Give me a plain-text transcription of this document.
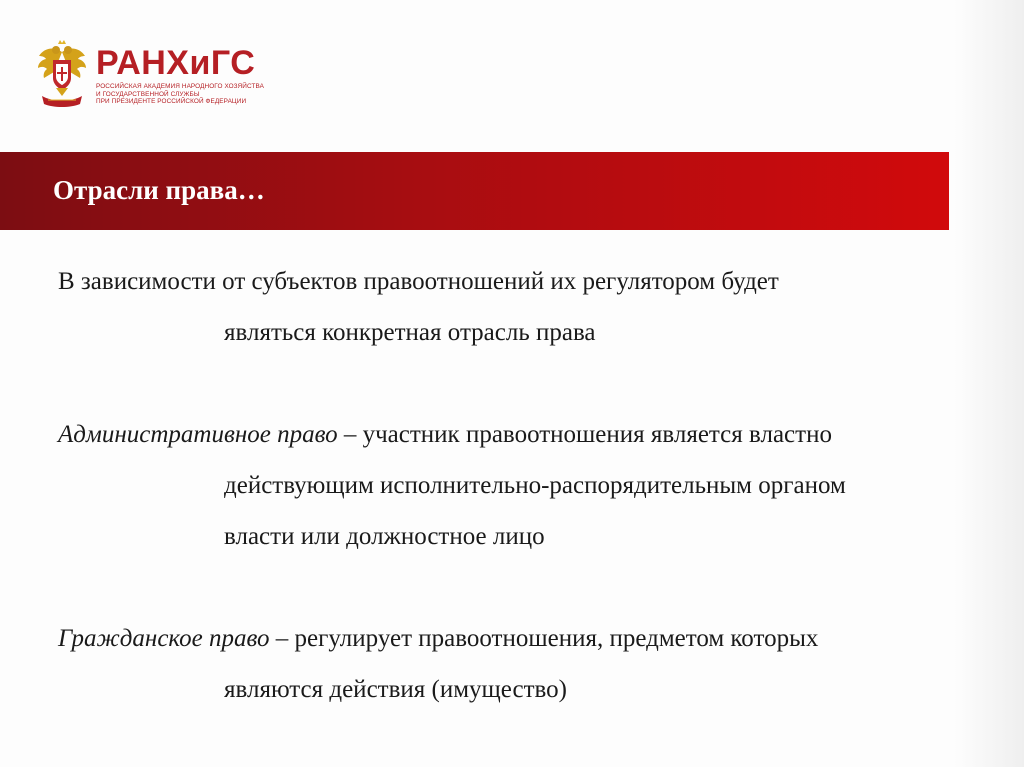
РАНХиГС
РОССИЙСКАЯ АКАДЕМИЯ НАРОДНОГО ХОЗЯЙСТВА
И ГОСУДАРСТВЕННОЙ СЛУЖБЫ
ПРИ ПРЕЗИДЕНТЕ РОССИЙСКОЙ ФЕДЕРАЦИИ
Отрасли права…

В зависимости от субъектов правоотношений их регулятором будет
являться конкретная отрасль права

Административное право – участник правоотношения является властно
действующим исполнительно-распорядительным органом
власти или должностное лицо

Гражданское право – регулирует правоотношения, предметом которых
являются действия (имущество)
